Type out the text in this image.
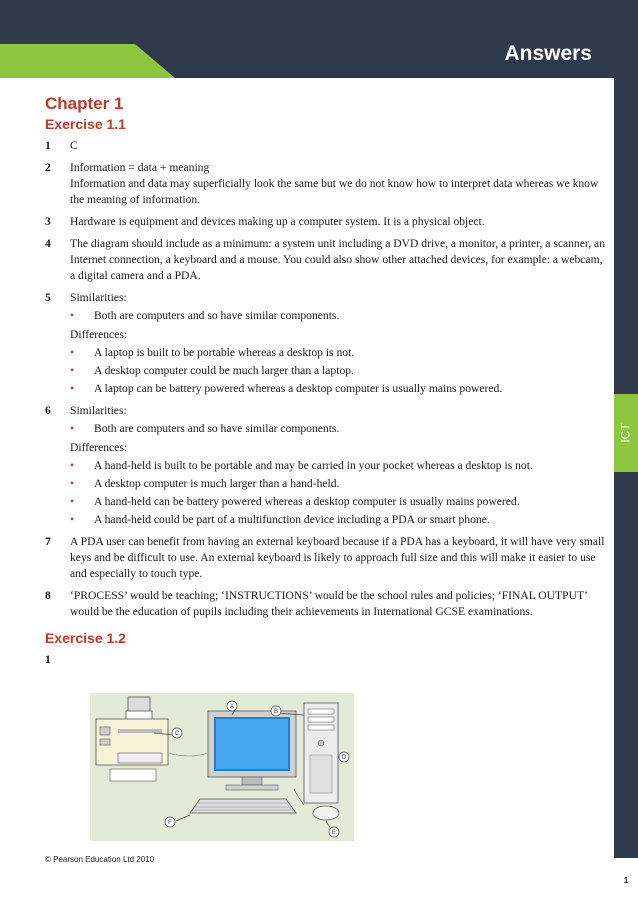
Answers
ICT
1
Chapter 1
Exercise 1.1
1	C

2	Information = data + meaning

Information and data may superficially look the same but we do not know how to interpret data whereas we know the meaning of information.

3	Hardware is equipment and devices making up a computer system. It is a physical object.

4	The diagram should include as a minimum: a system unit including a DVD drive, a monitor, a printer, a scanner, an Internet connection, a keyboard and a mouse. You could also show other attached devices, for example: a webcam, a digital camera and a PDA.

5	Similarities:

•	Both are computers and so have similar components.

Differences:

•	A laptop is built to be portable whereas a desktop is not.
•	A desktop computer could be much larger than a laptop.
•	A laptop can be battery powered whereas a desktop computer is usually mains powered.
6	Similarities:

•	Both are computers and so have similar components.

Differences:

•	A hand-held is built to be portable and may be carried in your pocket whereas a desktop is not.
•	A desktop computer is much larger than a hand-held.
•	A hand-held can be battery powered whereas a desktop computer is usually mains powered.
•	A hand-held could be part of a multifunction device including a PDA or smart phone.
7	A PDA user can benefit from having an external keyboard because if a PDA has a keyboard, it will have very small keys and be difficult to use. An external keyboard is likely to approach full size and this will make it easier to use and especially to touch type.

8	‘PROCESS’ would be teaching; ‘INSTRUCTIONS’ would be the school rules and policies; ‘FINAL OUTPUT’ would be the education of pupils including their achievements in International GCSE examinations.

Exercise 1.2
1
A
B
C
D
E
F
© Pearson Education Ltd 2010
